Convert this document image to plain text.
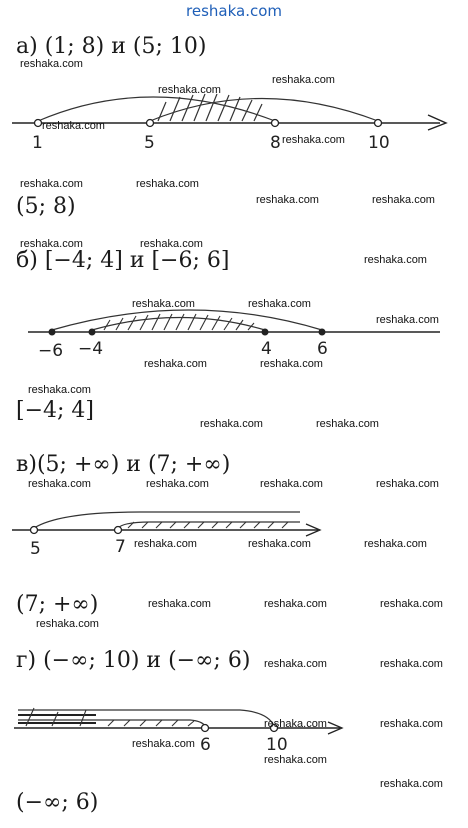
reshaka.com
а) (1; 8) и (5; 10)
1	5	8	10
(5; 8)
б) [−4; 4] и [−6; 6]
−6 −4	4	6
[−4; 4]
в)(5; +∞) и (7; +∞)
5	7
(7; +∞)
г) (−∞; 10) и (−∞; 6)
6	10
(−∞; 6)
reshaka.com
reshaka.com
reshaka.com
reshaka.com
reshaka.com
reshaka.com	reshaka.com
reshaka.com	reshaka.com
reshaka.com	reshaka.com
reshaka.com
reshaka.com	reshaka.com
reshaka.com
reshaka.com	reshaka.com
reshaka.com
reshaka.com	reshaka.com
reshaka.com	reshaka.com	reshaka.com	reshaka.com
reshaka.com	reshaka.com	reshaka.com
reshaka.com	reshaka.com	reshaka.com
reshaka.com
reshaka.com	reshaka.com
reshaka.com	reshaka.com
reshaka.com
reshaka.com
reshaka.com
